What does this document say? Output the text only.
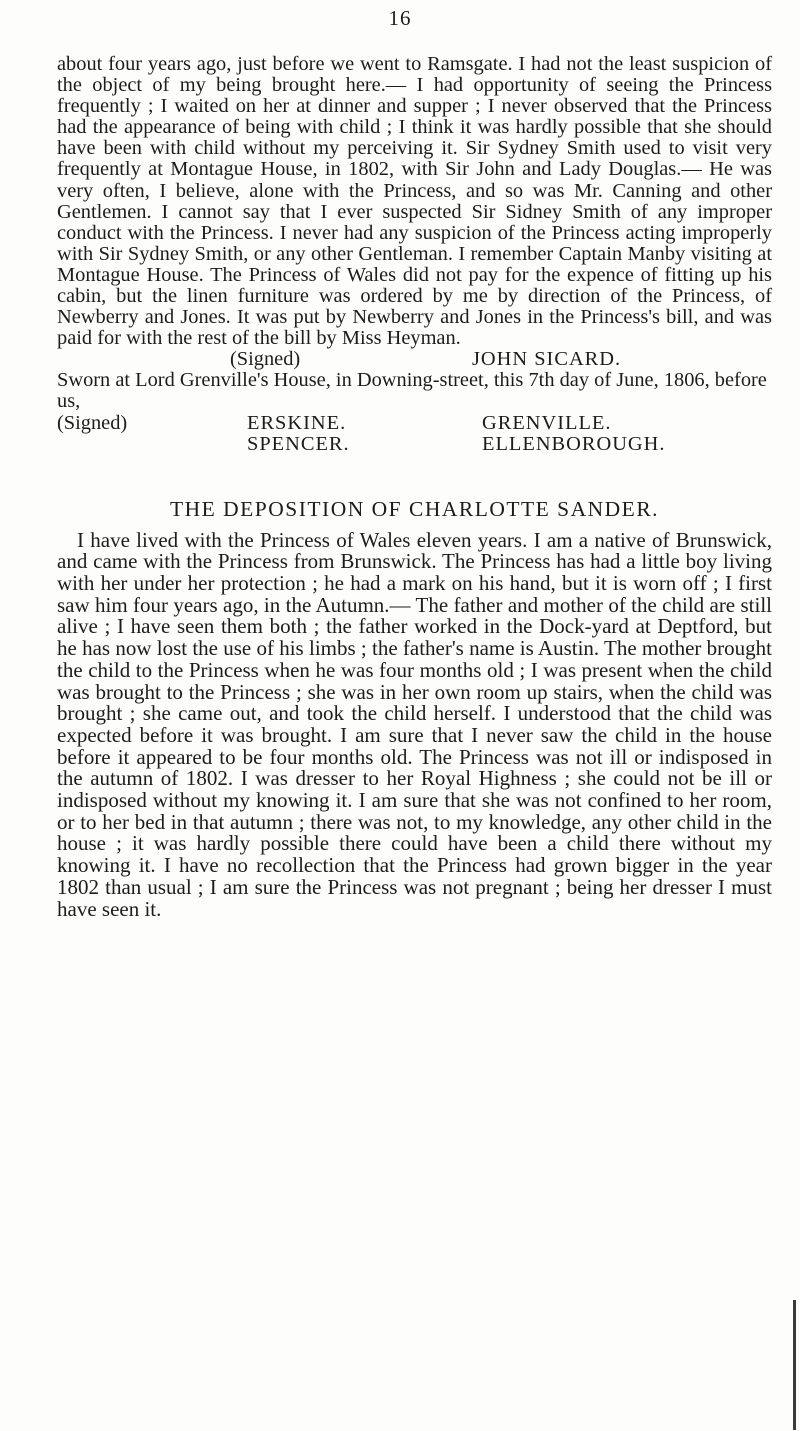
16

about four years ago, just before we went to Ramsgate. I had not the least suspicion of the object of my being brought here.— I had opportunity of seeing the Princess frequently ; I waited on her at dinner and supper ; I never observed that the Princess had the appearance of being with child ; I think it was hardly possible that she should have been with child without my perceiving it. Sir Sydney Smith used to visit very frequently at Montague House, in 1802, with Sir John and Lady Douglas.— He was very often, I believe, alone with the Princess, and so was Mr. Canning and other Gentlemen. I cannot say that I ever suspected Sir Sidney Smith of any improper conduct with the Princess. I never had any suspicion of the Princess acting improperly with Sir Sydney Smith, or any other Gentleman. I remember Captain Manby visiting at Montague House. The Princess of Wales did not pay for the expence of fitting up his cabin, but the linen furniture was ordered by me by direction of the Princess, of Newberry and Jones. It was put by Newberry and Jones in the Princess's bill, and was paid for with the rest of the bill by Miss Heyman.

(Signed)	JOHN SICARD.

Sworn at Lord Grenville's House, in Downing-street, this 7th day of June, 1806, before us,

(Signed)	ERSKINE.	GRENVILLE.
SPENCER.	ELLENBOROUGH.
THE DEPOSITION OF CHARLOTTE SANDER.

I have lived with the Princess of Wales eleven years. I am a native of Brunswick, and came with the Princess from Brunswick. The Princess has had a little boy living with her under her protection ; he had a mark on his hand, but it is worn off ; I first saw him four years ago, in the Autumn.— The father and mother of the child are still alive ; I have seen them both ; the father worked in the Dock-yard at Deptford, but he has now lost the use of his limbs ; the father's name is Austin. The mother brought the child to the Princess when he was four months old ; I was present when the child was brought to the Princess ; she was in her own room up stairs, when the child was brought ; she came out, and took the child herself. I understood that the child was expected before it was brought. I am sure that I never saw the child in the house before it appeared to be four months old. The Princess was not ill or indisposed in the autumn of 1802. I was dresser to her Royal Highness ; she could not be ill or indisposed without my knowing it. I am sure that she was not confined to her room, or to her bed in that autumn ; there was not, to my knowledge, any other child in the house ; it was hardly possible there could have been a child there without my knowing it. I have no recollection that the Princess had grown bigger in the year 1802 than usual ; I am sure the Princess was not pregnant ; being her dresser I must have seen it.
